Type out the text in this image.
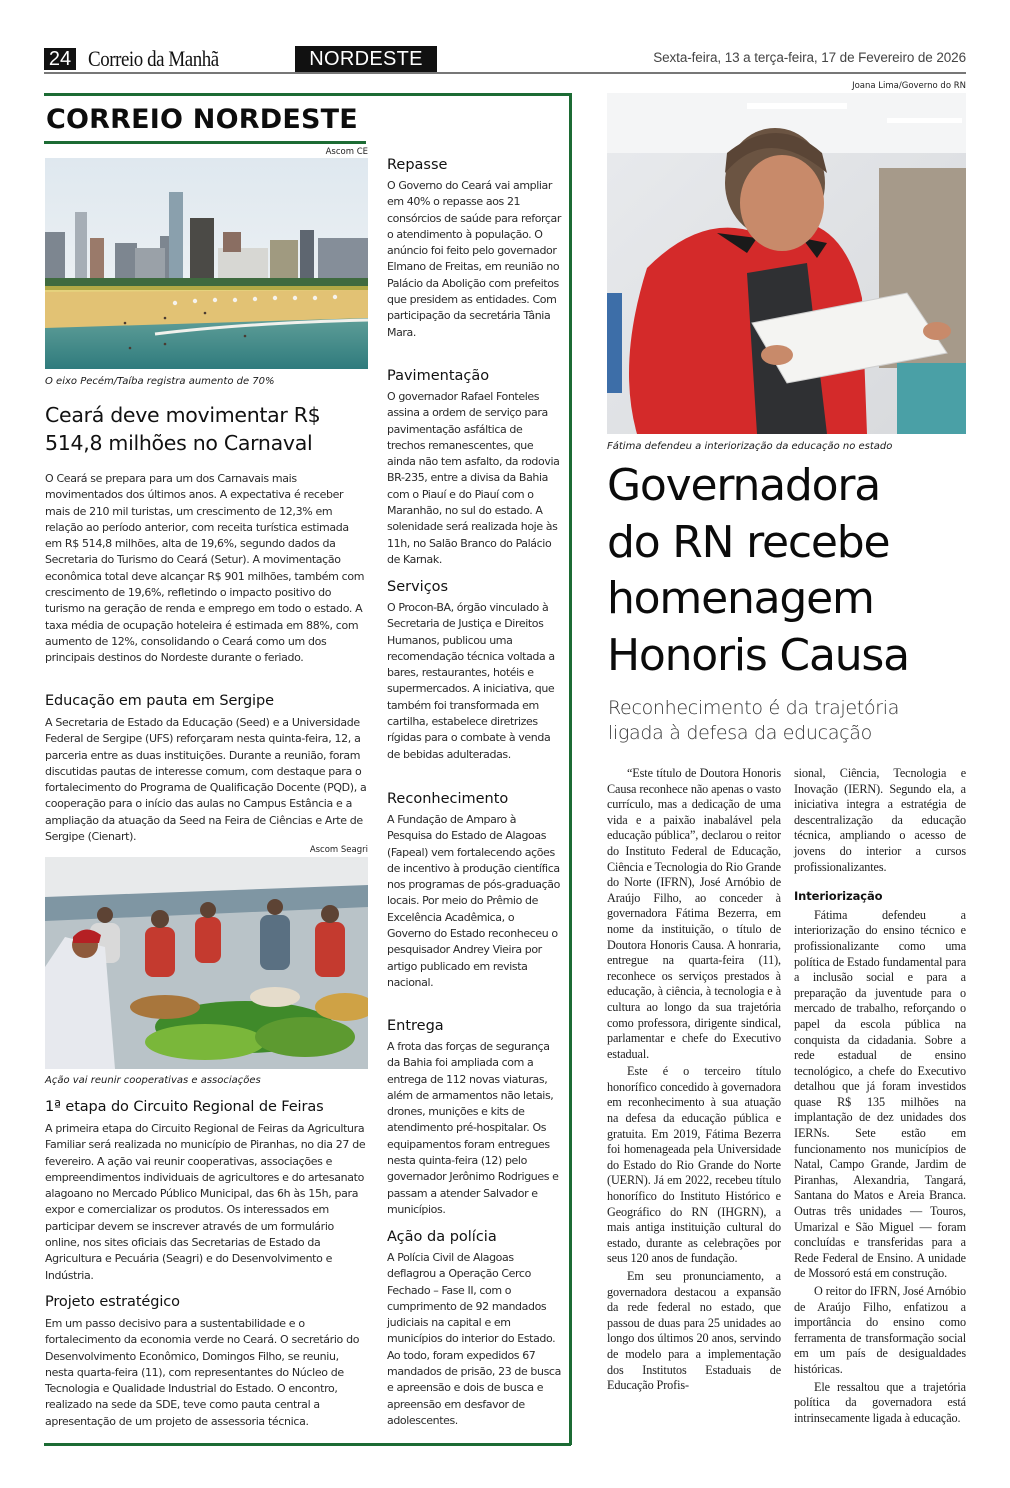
24 Correio da Manhã	NORDESTE	Sexta-feira, 13 a terça-feira, 17 de Fevereiro de 2026
CORREIO NORDESTE
Ascom CE
O eixo Pecém/Taíba registra aumento de 70%
Ceará deve movimentar R$
514,8 milhões no Carnaval
O Ceará se prepara para um dos Carnavais mais movimentados dos últimos anos. A expectativa é receber mais de 210 mil turistas, um crescimento de 12,3% em relação ao período anterior, com receita turística estimada em R$ 514,8 milhões, alta de 19,6%, segundo dados da Secretaria do Turismo do Ceará (Setur). A movimentação econômica total deve alcançar R$ 901 milhões, também com crescimento de 19,6%, refletindo o impacto positivo do turismo na geração de renda e emprego em todo o estado. A taxa média de ocupação hoteleira é estimada em 88%, com aumento de 12%, consolidando o Ceará como um dos principais destinos do Nordeste durante o feriado.
Educação em pauta em Sergipe
A Secretaria de Estado da Educação (Seed) e a Universidade Federal de Sergipe (UFS) reforçaram nesta quinta-feira, 12, a parceria entre as duas instituições. Durante a reunião, foram discutidas pautas de interesse comum, com destaque para o fortalecimento do Programa de Qualificação Docente (PQD), a cooperação para o início das aulas no Campus Estância e a ampliação da atuação da Seed na Feira de Ciências e Arte de Sergipe (Cienart).
Ascom Seagri
Ação vai reunir cooperativas e associações
1ª etapa do Circuito Regional de Feiras
A primeira etapa do Circuito Regional de Feiras da Agricultura Familiar será realizada no município de Piranhas, no dia 27 de fevereiro. A ação vai reunir cooperativas, associações e empreendimentos individuais de agricultores e do artesanato alagoano no Mercado Público Municipal, das 6h às 15h, para expor e comercializar os produtos. Os interessados em participar devem se inscrever através de um formulário online, nos sites oficiais das Secretarias de Estado da Agricultura e Pecuária (Seagri) e do Desenvolvimento e Indústria.
Projeto estratégico
Em um passo decisivo para a sustentabilidade e o fortalecimento da economia verde no Ceará. O secretário do Desenvolvimento Econômico, Domingos Filho, se reuniu, nesta quarta-feira (11), com representantes do Núcleo de Tecnologia e Qualidade Industrial do Estado. O encontro, realizado na sede da SDE, teve como pauta central a apresentação de um projeto de assessoria técnica.
Repasse
O Governo do Ceará vai ampliar em 40% o repasse aos 21 consórcios de saúde para reforçar o atendimento à população. O anúncio foi feito pelo governador Elmano de Freitas, em reunião no Palácio da Abolição com prefeitos que presidem as entidades. Com participação da secretária Tânia Mara.
Pavimentação
O governador Rafael Fonteles assina a ordem de serviço para pavimentação asfáltica de trechos remanescentes, que ainda não tem asfalto, da rodovia BR-235, entre a divisa da Bahia com o Piauí e do Piauí com o Maranhão, no sul do estado. A solenidade será realizada hoje às 11h, no Salão Branco do Palácio de Karnak.
Serviços
O Procon-BA, órgão vinculado à Secretaria de Justiça e Direitos Humanos, publicou uma recomendação técnica voltada a bares, restaurantes, hotéis e supermercados. A iniciativa, que também foi transformada em cartilha, estabelece diretrizes rígidas para o combate à venda de bebidas adulteradas.
Reconhecimento
A Fundação de Amparo à Pesquisa do Estado de Alagoas (Fapeal) vem fortalecendo ações de incentivo à produção científica nos programas de pós-graduação locais. Por meio do Prêmio de Excelência Acadêmica, o Governo do Estado reconheceu o pesquisador Andrey Vieira por artigo publicado em revista nacional.
Entrega
A frota das forças de segurança da Bahia foi ampliada com a entrega de 112 novas viaturas, além de armamentos não letais, drones, munições e kits de atendimento pré-hospitalar. Os equipamentos foram entregues nesta quinta-feira (12) pelo governador Jerônimo Rodrigues e passam a atender Salvador e municípios.
Ação da polícia
A Polícia Civil de Alagoas deflagrou a Operação Cerco Fechado – Fase II, com o cumprimento de 92 mandados judiciais na capital e em municípios do interior do Estado. Ao todo, foram expedidos 67 mandados de prisão, 23 de busca e apreensão e dois de busca e apreensão em desfavor de adolescentes.
Joana Lima/Governo do RN
Fátima defendeu a interiorização da educação no estado
Governadora
do RN recebe
homenagem
Honoris Causa
Reconhecimento é da trajetória
ligada à defesa da educação

“Este título de Doutora Honoris Causa reconhece não apenas o vasto currículo, mas a dedicação de uma vida e a paixão inabalável pela educação pública”, declarou o reitor do Instituto Federal de Educação, Ciência e Tecnologia do Rio Grande do Norte (IFRN), José Arnóbio de Araújo Filho, ao conceder à governadora Fátima Bezerra, em nome da instituição, o título de Doutora Honoris Causa. A honraria, entregue na quarta-feira (11), reconhece os serviços prestados à educação, à ciência, à tecnologia e à cultura ao longo da sua trajetória como professora, dirigente sindical, parlamentar e chefe do Executivo estadual.

Este é o terceiro título honorífico concedido à governadora em reconhecimento à sua atuação na defesa da educação pública e gratuita. Em 2019, Fátima Bezerra foi homenageada pela Universidade do Estado do Rio Grande do Norte (UERN). Já em 2022, recebeu título honorífico do Instituto Histórico e Geográfico do RN (IHGRN), a mais antiga instituição cultural do estado, durante as celebrações por seus 120 anos de fundação.

Em seu pronunciamento, a governadora destacou a expansão da rede federal no estado, que passou de duas para 25 unidades ao longo dos últimos 20 anos, servindo de modelo para a implementação dos Institutos Estaduais de Educação Profis-

sional, Ciência, Tecnologia e Inovação (IERN). Segundo ela, a iniciativa integra a estratégia de descentralização da educação técnica, ampliando o acesso de jovens do interior a cursos profissionalizantes.

Interiorização

Fátima defendeu a interiorização do ensino técnico e profissionalizante como uma política de Estado fundamental para a inclusão social e para a preparação da juventude para o mercado de trabalho, reforçando o papel da escola pública na conquista da cidadania. Sobre a rede estadual de ensino tecnológico, a chefe do Executivo detalhou que já foram investidos quase R$ 135 milhões na implantação de dez unidades dos IERNs. Sete estão em funcionamento nos municípios de Natal, Campo Grande, Jardim de Piranhas, Alexandria, Tangará, Santana do Matos e Areia Branca. Outras três unidades — Touros, Umarizal e São Miguel — foram concluídas e transferidas para a Rede Federal de Ensino. A unidade de Mossoró está em construção.

O reitor do IFRN, José Arnóbio de Araújo Filho, enfatizou a importância do ensino como ferramenta de transformação social em um país de desigualdades históricas.

Ele ressaltou que a trajetória política da governadora está intrinsecamente ligada à educação.
